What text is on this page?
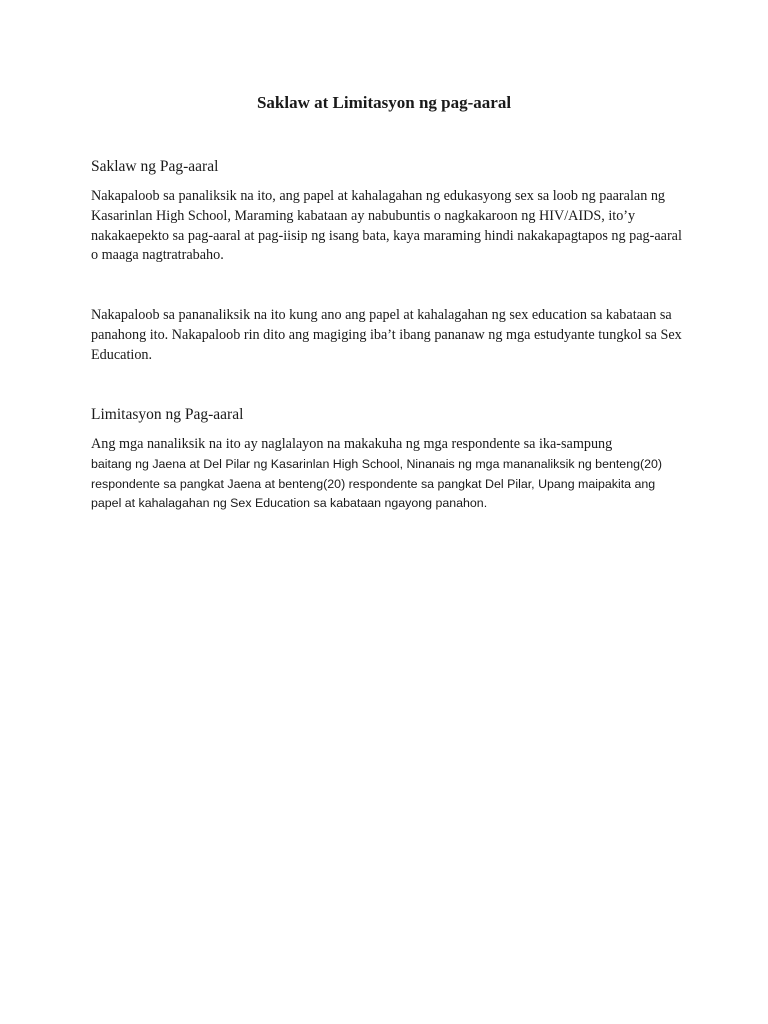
Saklaw at Limitasyon ng pag-aaral
Saklaw ng Pag-aaral

Nakapaloob sa panaliksik na ito, ang papel at kahalagahan ng edukasyong sex sa loob ng paaralan ng Kasarinlan High School, Maraming kabataan ay nabubuntis o nagkakaroon ng HIV/AIDS, ito’y nakakaepekto sa pag-aaral at pag-iisip ng isang bata, kaya maraming hindi nakakapagtapos ng pag-aaral o maaga nagtratrabaho.

Nakapaloob sa pananaliksik na ito kung ano ang papel at kahalagahan ng sex education sa kabataan sa panahong ito. Nakapaloob rin dito ang magiging iba’t ibang pananaw ng mga estudyante tungkol sa Sex Education.

Limitasyon ng Pag-aaral
Ang mga nanaliksik na ito ay naglalayon na makakuha ng mga respondente sa ika-sampung
baitang ng Jaena at Del Pilar ng Kasarinlan High School, Ninanais ng mga mananaliksik ng benteng(20)
respondente sa pangkat Jaena at benteng(20) respondente sa pangkat Del Pilar, Upang maipakita ang
papel at kahalagahan ng Sex Education sa kabataan ngayong panahon.
